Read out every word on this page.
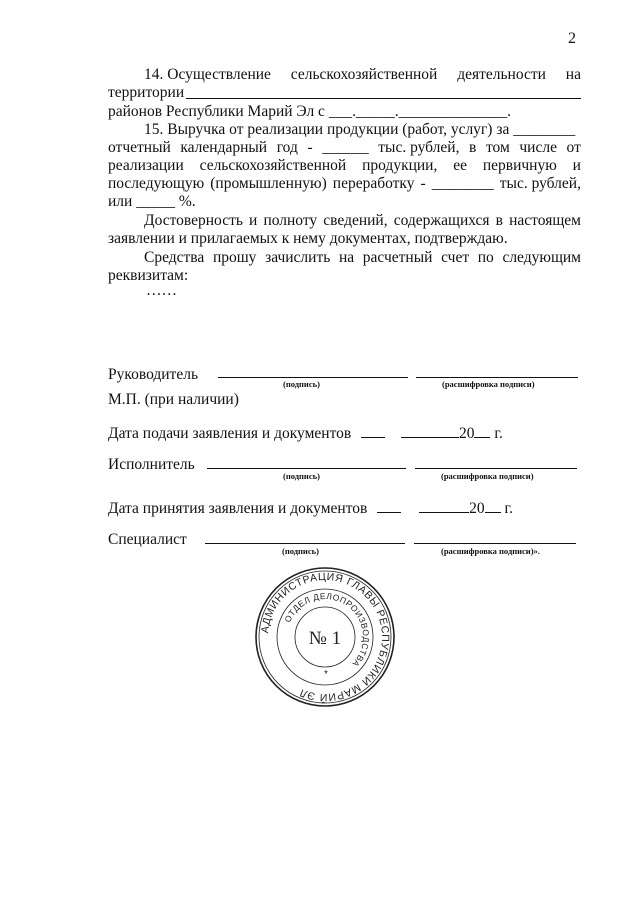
2
14. Осуществление сельскохозяйственной деятельности на
территории
районов Республики Марий Эл с ___._____.______________.
15. Выручка от реализации продукции (работ, услуг) за ________
отчетный календарный год - ______ тыс. рублей, в том числе от
реализации сельскохозяйственной продукции, ее первичную и
последующую (промышленную) переработку - ________ тыс. рублей,
или _____ %.
Достоверность и полноту сведений, содержащихся в настоящем
заявлении и прилагаемых к нему документах, подтверждаю.
Средства прошу зачислить на расчетный счет по следующим
реквизитам:
……
Руководитель
(подпись)	(расшифровка подписи)
М.П. (при наличии)
Дата подачи заявления и документов	20 г.
Исполнитель
(подпись)	(расшифровка подписи)
Дата принятия заявления и документов	20 г.
Специалист
(подпись)	(расшифровка подписи)».
АДМИНИСТРАЦИЯ ГЛАВЫ РЕСПУБЛИКИ МАРИЙ ЭЛ
ОТДЕЛ ДЕЛОПРОИЗВОДСТВА
№ 1
*
